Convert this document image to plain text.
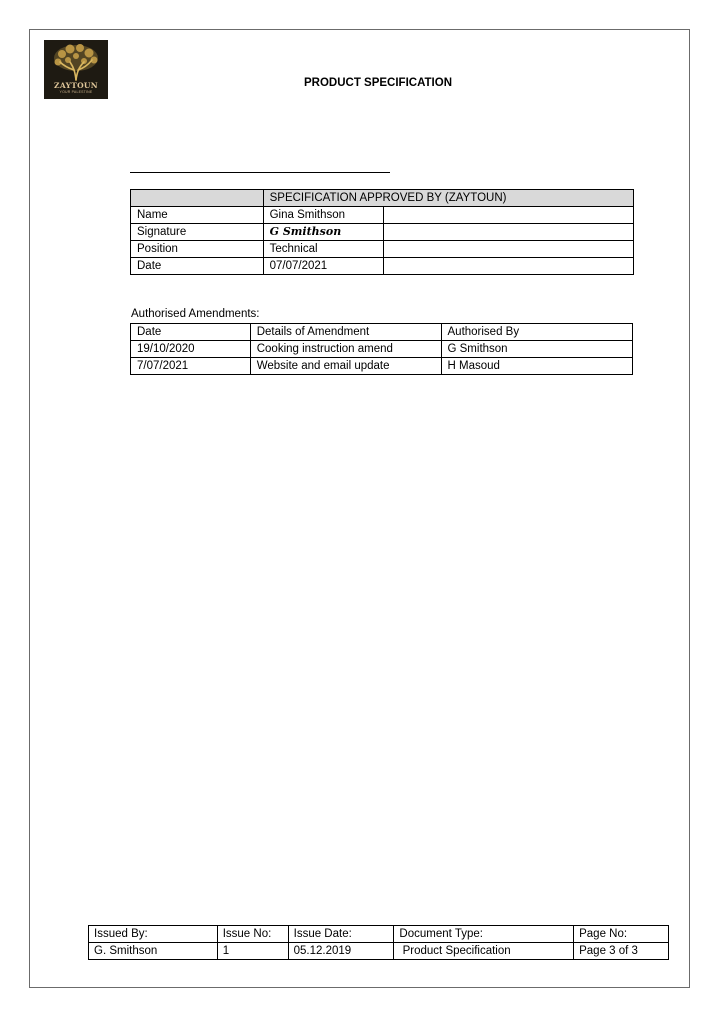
ZAYTOUN
YOUR PALESTINE
PRODUCT SPECIFICATION
	SPECIFICATION APPROVED BY (ZAYTOUN)	
Name	Gina Smithson	
Signature	G Smithson	
Position	Technical	
Date	07/07/2021	
Authorised Amendments:
Date	Details of Amendment	Authorised By
19/10/2020	Cooking instruction amend	G Smithson
7/07/2021	Website and email update	H Masoud
Issued By:	Issue No:	Issue Date:	Document Type:	Page No:
G. Smithson	1	05.12.2019	Product Specification	Page 3 of 3
